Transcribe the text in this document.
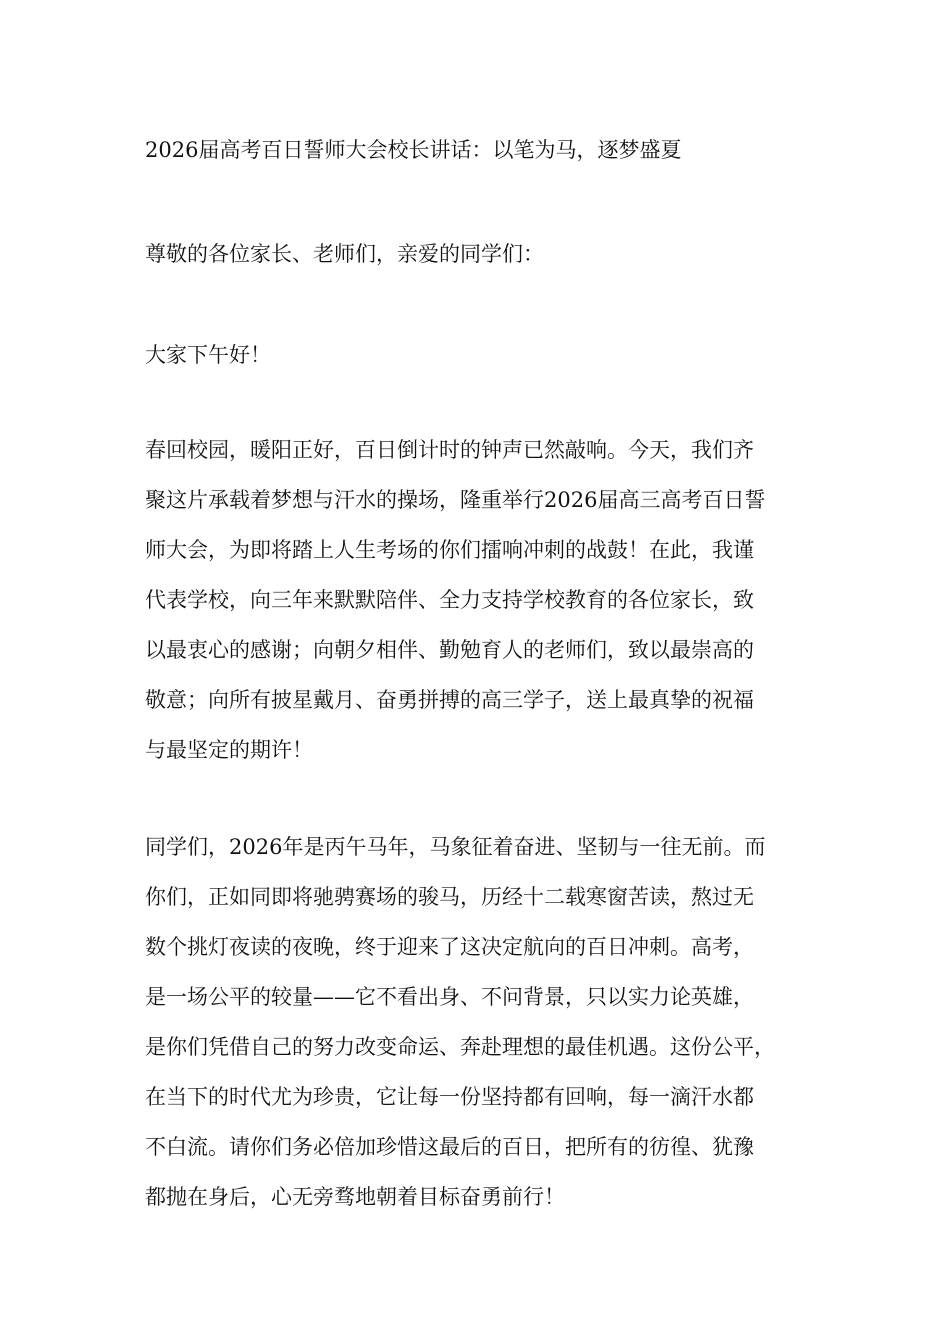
2026届高考百日誓师大会校长讲话：以笔为马，逐梦盛夏
尊敬的各位家长、老师们，亲爱的同学们：
大家下午好！
春回校园，暖阳正好，百日倒计时的钟声已然敲响。今天，我们齐
聚这片承载着梦想与汗水的操场，隆重举行2026届高三高考百日誓
师大会，为即将踏上人生考场的你们擂响冲刺的战鼓！在此，我谨
代表学校，向三年来默默陪伴、全力支持学校教育的各位家长，致
以最衷心的感谢；向朝夕相伴、勤勉育人的老师们，致以最崇高的
敬意；向所有披星戴月、奋勇拼搏的高三学子，送上最真挚的祝福
与最坚定的期许！
同学们，2026年是丙午马年，马象征着奋进、坚韧与一往无前。而
你们，正如同即将驰骋赛场的骏马，历经十二载寒窗苦读，熬过无
数个挑灯夜读的夜晚，终于迎来了这决定航向的百日冲刺。高考，
是一场公平的较量——它不看出身、不问背景，只以实力论英雄，
是你们凭借自己的努力改变命运、奔赴理想的最佳机遇。这份公平，
在当下的时代尤为珍贵，它让每一份坚持都有回响，每一滴汗水都
不白流。请你们务必倍加珍惜这最后的百日，把所有的彷徨、犹豫
都抛在身后，心无旁骛地朝着目标奋勇前行！
